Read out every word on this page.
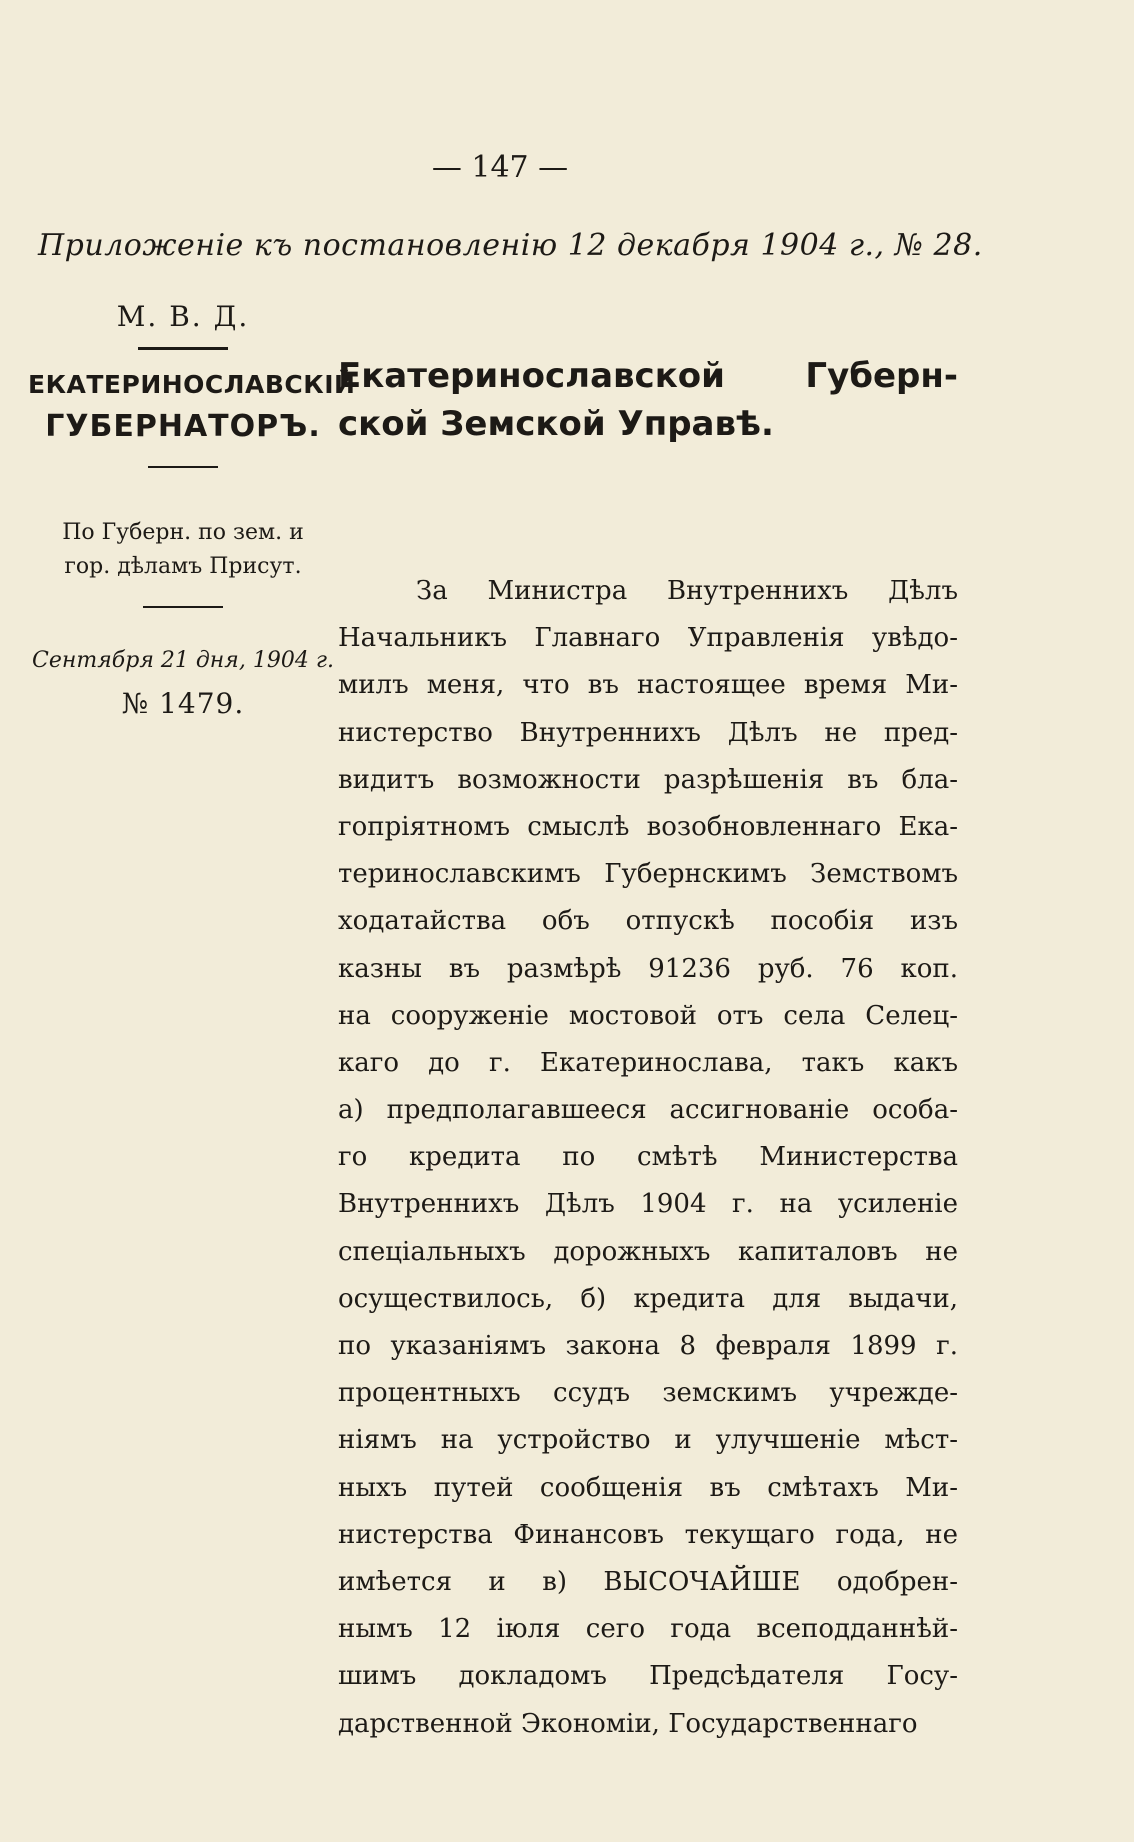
— 147 —
Приложеніе къ постановленію 12 декабря 1904 г., № 28.
М. В. Д.
ЕКАТЕРИНОСЛАВСКІЙ
ГУБЕРНАТОРЪ.
По Губерн. по зем. и
гор. дѣламъ Присут.
Сентября 21 дня, 1904 г.
№ 1479.
Екатеринославской Губерн-ской Земской Управѣ.
За Министра Внутреннихъ Дѣлъ
Начальникъ Главнаго Управленія увѣдо-
милъ меня, что въ настоящее время Ми-
нистерство Внутреннихъ Дѣлъ не пред-
видитъ возможности разрѣшенія въ бла-
гопріятномъ смыслѣ возобновленнаго Ека-
теринославскимъ Губернскимъ Земствомъ
ходатайства объ отпускѣ пособія изъ
казны въ размѣрѣ 91236 руб. 76 коп.
на сооруженіе мостовой отъ села Селец-
каго до г. Екатеринослава, такъ какъ
а) предполагавшееся ассигнованіе особа-
го кредита по смѣтѣ Министерства
Внутреннихъ Дѣлъ 1904 г. на усиленіе
спеціальныхъ дорожныхъ капиталовъ не
осуществилось, б) кредита для выдачи,
по указаніямъ закона 8 февраля 1899 г.
процентныхъ ссудъ земскимъ учрежде-
ніямъ на устройство и улучшеніе мѣст-
ныхъ путей сообщенія въ смѣтахъ Ми-
нистерства Финансовъ текущаго года, не
имѣется и в) ВЫСОЧАЙШЕ одобрен-
нымъ 12 іюля сего года всеподданнѣй-
шимъ докладомъ Предсѣдателя Госу-
дарственной Экономіи, Государственнаго
